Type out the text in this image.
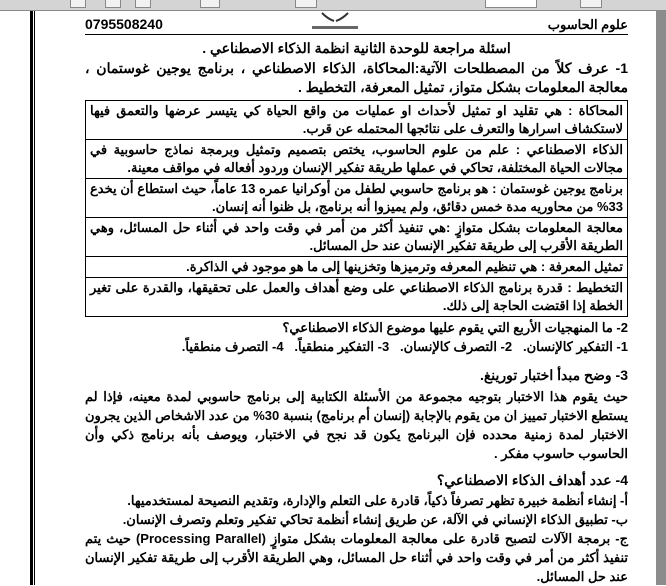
علوم الحاسوب
0795508240
اسئلة مراجعة للوحدة الثانية انظمة الذكاء الاصطناعي .
1- عرف كلاً من المصطلحات الآتية:المحاكاة، الذكاء الاصطناعي ، برنامج يوجين غوستمان ، معالجة المعلومات بشكل متواز، تمثيل المعرفة، التخطيط .
المحاكاة : هي تقليد او تمثيل لأحداث او عمليات من واقع الحياة كي يتيسر عرضها والتعمق فيها لاستكشاف اسرارها والتعرف على نتائجها المحتمله عن قرب.
الذكاء الاصطناعي : علم من علوم الحاسوب، يختص بتصميم وتمثيل وبرمجة نماذج حاسوبية في مجالات الحياة المختلفة، تحاكي في عملها طريقة تفكير الإنسان وردود أفعاله في مواقف معينة.
برنامج يوجين غوستمان : هو برنامج حاسوبي لطفل من أوكرانيا عمره 13 عاماً، حيث استطاع أن يخدع 33% من محاوريه مدة خمس دقائق، ولم يميزوا أنه برنامج، بل ظنوا أنه إنسان.
معالجة المعلومات بشكل متوازٍ :هي تنفيذ أكثر من أمر في وقت واحد في أثناء حل المسائل، وهي الطريقة الأقرب إلى طريقة تفكير الإنسان عند حل المسائل.
تمثيل المعرفة : هي تنظيم المعرفه وترميزها وتخزينها إلى ما هو موجود في الذاكرة.
التخطيط : قدرة برنامج الذكاء الاصطناعي على وضع أهداف والعمل على تحقيقها، والقدرة على تغير الخطة إذا اقتضت الحاجة إلى ذلك.
2- ما المنهجيات الأربع التي يقوم عليها موضوع الذكاء الاصطناعي؟
1- التفكير كالإنسان.   2- التصرف كالإنسان.   3- التفكير منطقياً.   4- التصرف منطقياً.
3- وضح مبدأ اختبار تورينغ.
حيث يقوم هذا الاختبار بتوجيه مجموعة من الأسئلة الكتابية إلى برنامج حاسوبي لمدة معينه، فإذا لم يستطع الاختبار تمييز ان من يقوم بالإجابة (إنسان أم برنامج) بنسبة 30% من عدد الاشخاص الذين يجرون الاختبار لمدة زمنية محدده فإن البرنامج يكون قد نجح في الاختبار، ويوصف بأنه برنامج ذكي وأن الحاسوب حاسوب مفكر .
4- عدد أهداف الذكاء الاصطناعي؟
أ- إنشاء أنظمة خبيرة تظهر تصرفاً ذكياً، قادرة على التعلم والإدارة، وتقديم النصيحة لمستخدميها.
ب- تطبيق الذكاء الإنساني في الآلة، عن طريق إنشاء أنظمة تحاكي تفكير وتعلم وتصرف الإنسان.
ج- برمجة الآلات لتصبح قادرة على معالجة المعلومات بشكل متوازٍ (Processing Parallel) حيث يتم تنفيذ أكثر من أمر في وقت واحد في أثناء حل المسائل، وهي الطريقة الأقرب إلى طريقة تفكير الإنسان عند حل المسائل.
